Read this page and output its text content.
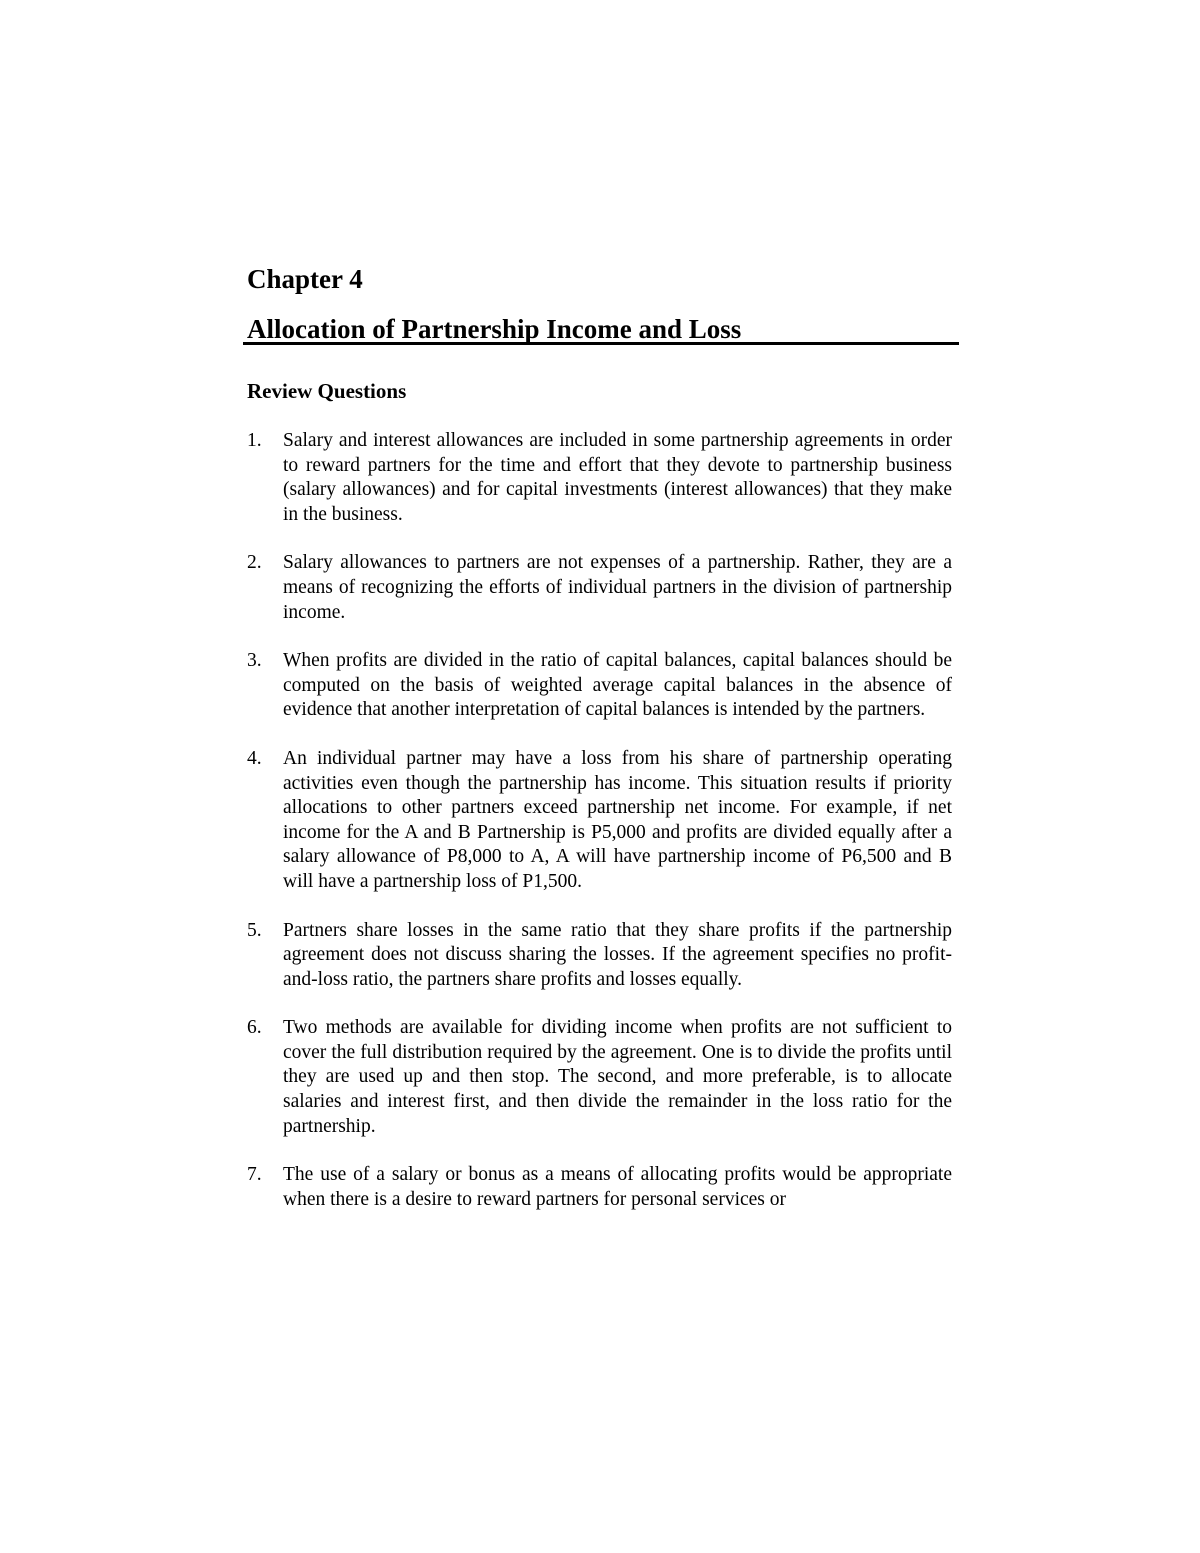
Chapter 4
Allocation of Partnership Income and Loss
Review Questions
1. Salary and interest allowances are included in some partnership agreements in order to reward partners for the time and effort that they devote to partnership business (salary allowances) and for capital investments (interest allowances) that they make in the business.
2. Salary allowances to partners are not expenses of a partnership. Rather, they are a means of recognizing the efforts of individual partners in the division of partnership income.
3. When profits are divided in the ratio of capital balances, capital balances should be computed on the basis of weighted average capital balances in the absence of evidence that another interpretation of capital balances is intended by the partners.
4. An individual partner may have a loss from his share of partnership operating activities even though the partnership has income. This situation results if priority allocations to other partners exceed partnership net income. For example, if net income for the A and B Partnership is P5,000 and profits are divided equally after a salary allowance of P8,000 to A, A will have partnership income of P6,500 and B will have a partnership loss of P1,500.
5. Partners share losses in the same ratio that they share profits if the partnership agreement does not discuss sharing the losses. If the agreement specifies no profit-and-loss ratio, the partners share profits and losses equally.
6. Two methods are available for dividing income when profits are not sufficient to cover the full distribution required by the agreement. One is to divide the profits until they are used up and then stop. The second, and more preferable, is to allocate salaries and interest first, and then divide the remainder in the loss ratio for the partnership.
7. The use of a salary or bonus as a means of allocating profits would be appropriate when there is a desire to reward partners for personal services or
